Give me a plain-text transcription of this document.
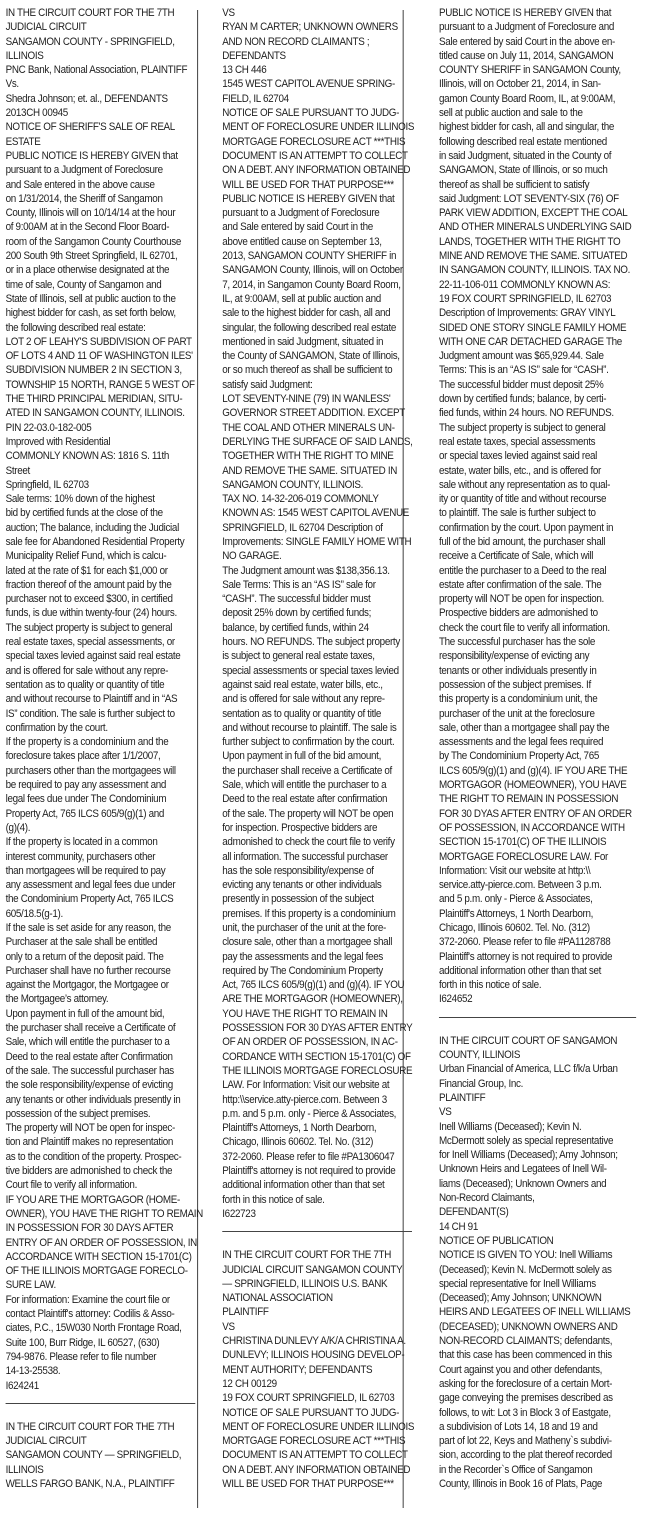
IN THE CIRCUIT COURT FOR THE 7TH
JUDICIAL CIRCUIT
SANGAMON COUNTY - SPRINGFIELD,
ILLINOIS
PNC Bank, National Association, PLAINTIFF
Vs.
Shedra Johnson; et. al., DEFENDANTS
2013CH 00945
NOTICE OF SHERIFF'S SALE OF REAL
ESTATE
PUBLIC NOTICE IS HEREBY GIVEN that
pursuant to a Judgment of Foreclosure
and Sale entered in the above cause
on 1/31/2014, the Sheriff of Sangamon
County, Illinois will on 10/14/14 at the hour
of 9:00AM at in the Second Floor Board-
room of the Sangamon County Courthouse
200 South 9th Street Springfield, IL 62701,
or in a place otherwise designated at the
time of sale, County of Sangamon and
State of Illinois, sell at public auction to the
highest bidder for cash, as set forth below,
the following described real estate:
LOT 2 OF LEAHY'S SUBDIVISION OF PART
OF LOTS 4 AND 11 OF WASHINGTON ILES'
SUBDIVISION NUMBER 2 IN SECTION 3,
TOWNSHIP 15 NORTH, RANGE 5 WEST OF
THE THIRD PRINCIPAL MERIDIAN, SITU-
ATED IN SANGAMON COUNTY, ILLINOIS.
PIN 22-03.0-182-005
Improved with Residential
COMMONLY KNOWN AS: 1816 S. 11th
Street
Springfield, IL 62703
Sale terms: 10% down of the highest
bid by certified funds at the close of the
auction; The balance, including the Judicial
sale fee for Abandoned Residential Property
Municipality Relief Fund, which is calcu-
lated at the rate of $1 for each $1,000 or
fraction thereof of the amount paid by the
purchaser not to exceed $300, in certified
funds, is due within twenty-four (24) hours.
The subject property is subject to general
real estate taxes, special assessments, or
special taxes levied against said real estate
and is offered for sale without any repre-
sentation as to quality or quantity of title
and without recourse to Plaintiff and in “AS
IS” condition. The sale is further subject to
confirmation by the court.
If the property is a condominium and the
foreclosure takes place after 1/1/2007,
purchasers other than the mortgagees will
be required to pay any assessment and
legal fees due under The Condominium
Property Act, 765 ILCS 605/9(g)(1) and
(g)(4).
If the property is located in a common
interest community, purchasers other
than mortgagees will be required to pay
any assessment and legal fees due under
the Condominium Property Act, 765 ILCS
605/18.5(g-1).
If the sale is set aside for any reason, the
Purchaser at the sale shall be entitled
only to a return of the deposit paid. The
Purchaser shall have no further recourse
against the Mortgagor, the Mortgagee or
the Mortgagee’s attorney.
Upon payment in full of the amount bid,
the purchaser shall receive a Certificate of
Sale, which will entitle the purchaser to a
Deed to the real estate after Confirmation
of the sale. The successful purchaser has
the sole responsibility/expense of evicting
any tenants or other individuals presently in
possession of the subject premises.
The property will NOT be open for inspec-
tion and Plaintiff makes no representation
as to the condition of the property. Prospec-
tive bidders are admonished to check the
Court file to verify all information.
IF YOU ARE THE MORTGAGOR (HOME-
OWNER), YOU HAVE THE RIGHT TO REMAIN
IN POSSESSION FOR 30 DAYS AFTER
ENTRY OF AN ORDER OF POSSESSION, IN
ACCORDANCE WITH SECTION 15-1701(C)
OF THE ILLINOIS MORTGAGE FORECLO-
SURE LAW.
For information: Examine the court file or
contact Plaintiff's attorney: Codilis & Asso-
ciates, P.C., 15W030 North Frontage Road,
Suite 100, Burr Ridge, IL 60527, (630)
794-9876. Please refer to file number
14-13-25538.
I624241
IN THE CIRCUIT COURT FOR THE 7TH
JUDICIAL CIRCUIT
SANGAMON COUNTY — SPRINGFIELD,
ILLINOIS
WELLS FARGO BANK, N.A., PLAINTIFF
VS
RYAN M CARTER; UNKNOWN OWNERS
AND NON RECORD CLAIMANTS ;
DEFENDANTS
13 CH 446
1545 WEST CAPITOL AVENUE SPRING-
FIELD, IL 62704
NOTICE OF SALE PURSUANT TO JUDG-
MENT OF FORECLOSURE UNDER ILLINOIS
MORTGAGE FORECLOSURE ACT ***THIS
DOCUMENT IS AN ATTEMPT TO COLLECT
ON A DEBT. ANY INFORMATION OBTAINED
WILL BE USED FOR THAT PURPOSE***
PUBLIC NOTICE IS HEREBY GIVEN that
pursuant to a Judgment of Foreclosure
and Sale entered by said Court in the
above entitled cause on September 13,
2013, SANGAMON COUNTY SHERIFF in
SANGAMON County, Illinois, will on October
7, 2014, in Sangamon County Board Room,
IL, at 9:00AM, sell at public auction and
sale to the highest bidder for cash, all and
singular, the following described real estate
mentioned in said Judgment, situated in
the County of SANGAMON, State of Illinois,
or so much thereof as shall be sufficient to
satisfy said Judgment:
LOT SEVENTY-NINE (79) IN WANLESS'
GOVERNOR STREET ADDITION. EXCEPT
THE COAL AND OTHER MINERALS UN-
DERLYING THE SURFACE OF SAID LANDS,
TOGETHER WITH THE RIGHT TO MINE
AND REMOVE THE SAME. SITUATED IN
SANGAMON COUNTY, ILLINOIS.
TAX NO. 14-32-206-019 COMMONLY
KNOWN AS: 1545 WEST CAPITOL AVENUE
SPRINGFIELD, IL 62704 Description of
Improvements: SINGLE FAMILY HOME WITH
NO GARAGE.
The Judgment amount was $138,356.13.
Sale Terms: This is an “AS IS” sale for
“CASH”. The successful bidder must
deposit 25% down by certified funds;
balance, by certified funds, within 24
hours. NO REFUNDS. The subject property
is subject to general real estate taxes,
special assessments or special taxes levied
against said real estate, water bills, etc.,
and is offered for sale without any repre-
sentation as to quality or quantity of title
and without recourse to plaintiff. The sale is
further subject to confirmation by the court.
Upon payment in full of the bid amount,
the purchaser shall receive a Certificate of
Sale, which will entitle the purchaser to a
Deed to the real estate after confirmation
of the sale. The property will NOT be open
for inspection. Prospective bidders are
admonished to check the court file to verify
all information. The successful purchaser
has the sole responsibility/expense of
evicting any tenants or other individuals
presently in possession of the subject
premises. If this property is a condominium
unit, the purchaser of the unit at the fore-
closure sale, other than a mortgagee shall
pay the assessments and the legal fees
required by The Condominium Property
Act, 765 ILCS 605/9(g)(1) and (g)(4). IF YOU
ARE THE MORTGAGOR (HOMEOWNER),
YOU HAVE THE RIGHT TO REMAIN IN
POSSESSION FOR 30 DYAS AFTER ENTRY
OF AN ORDER OF POSSESSION, IN AC-
CORDANCE WITH SECTION 15-1701(C) OF
THE ILLINOIS MORTGAGE FORECLOSURE
LAW. For Information: Visit our website at
http:\\service.atty-pierce.com. Between 3
p.m. and 5 p.m. only - Pierce & Associates,
Plaintiff's Attorneys, 1 North Dearborn,
Chicago, Illinois 60602. Tel. No. (312)
372-2060. Please refer to file #PA1306047
Plaintiff's attorney is not required to provide
additional information other than that set
forth in this notice of sale.
I622723
IN THE CIRCUIT COURT FOR THE 7TH
JUDICIAL CIRCUIT SANGAMON COUNTY
— SPRINGFIELD, ILLINOIS U.S. BANK
NATIONAL ASSOCIATION
PLAINTIFF
VS
CHRISTINA DUNLEVY A/K/A CHRISTINA A.
DUNLEVY; ILLINOIS HOUSING DEVELOP-
MENT AUTHORITY; DEFENDANTS
12 CH 00129
19 FOX COURT SPRINGFIELD, IL 62703
NOTICE OF SALE PURSUANT TO JUDG-
MENT OF FORECLOSURE UNDER ILLINOIS
MORTGAGE FORECLOSURE ACT ***THIS
DOCUMENT IS AN ATTEMPT TO COLLECT
ON A DEBT. ANY INFORMATION OBTAINED
WILL BE USED FOR THAT PURPOSE***
PUBLIC NOTICE IS HEREBY GIVEN that
pursuant to a Judgment of Foreclosure and
Sale entered by said Court in the above en-
titled cause on July 11, 2014, SANGAMON
COUNTY SHERIFF in SANGAMON County,
Illinois, will on October 21, 2014, in San-
gamon County Board Room, IL, at 9:00AM,
sell at public auction and sale to the
highest bidder for cash, all and singular, the
following described real estate mentioned
in said Judgment, situated in the County of
SANGAMON, State of Illinois, or so much
thereof as shall be sufficient to satisfy
said Judgment: LOT SEVENTY-SIX (76) OF
PARK VIEW ADDITION, EXCEPT THE COAL
AND OTHER MINERALS UNDERLYING SAID
LANDS, TOGETHER WITH THE RIGHT TO
MINE AND REMOVE THE SAME. SITUATED
IN SANGAMON COUNTY, ILLINOIS. TAX NO.
22-11-106-011 COMMONLY KNOWN AS:
19 FOX COURT SPRINGFIELD, IL 62703
Description of Improvements: GRAY VINYL
SIDED ONE STORY SINGLE FAMILY HOME
WITH ONE CAR DETACHED GARAGE The
Judgment amount was $65,929.44. Sale
Terms: This is an “AS IS” sale for “CASH”.
The successful bidder must deposit 25%
down by certified funds; balance, by certi-
fied funds, within 24 hours. NO REFUNDS.
The subject property is subject to general
real estate taxes, special assessments
or special taxes levied against said real
estate, water bills, etc., and is offered for
sale without any representation as to qual-
ity or quantity of title and without recourse
to plaintiff. The sale is further subject to
confirmation by the court. Upon payment in
full of the bid amount, the purchaser shall
receive a Certificate of Sale, which will
entitle the purchaser to a Deed to the real
estate after confirmation of the sale. The
property will NOT be open for inspection.
Prospective bidders are admonished to
check the court file to verify all information.
The successful purchaser has the sole
responsibility/expense of evicting any
tenants or other individuals presently in
possession of the subject premises. If
this property is a condominium unit, the
purchaser of the unit at the foreclosure
sale, other than a mortgagee shall pay the
assessments and the legal fees required
by The Condominium Property Act, 765
ILCS 605/9(g)(1) and (g)(4). IF YOU ARE THE
MORTGAGOR (HOMEOWNER), YOU HAVE
THE RIGHT TO REMAIN IN POSSESSION
FOR 30 DYAS AFTER ENTRY OF AN ORDER
OF POSSESSION, IN ACCORDANCE WITH
SECTION 15-1701(C) OF THE ILLINOIS
MORTGAGE FORECLOSURE LAW. For
Information: Visit our website at http:\\
service.atty-pierce.com. Between 3 p.m.
and 5 p.m. only - Pierce & Associates,
Plaintiff's Attorneys, 1 North Dearborn,
Chicago, Illinois 60602. Tel. No. (312)
372-2060. Please refer to file #PA1128788
Plaintiff's attorney is not required to provide
additional information other than that set
forth in this notice of sale.
I624652
IN THE CIRCUIT COURT OF SANGAMON
COUNTY, ILLINOIS
Urban Financial of America, LLC f/k/a Urban
Financial Group, Inc.
PLAINTIFF
VS
Inell Williams (Deceased); Kevin N.
McDermott solely as special representative
for Inell Williams (Deceased); Amy Johnson;
Unknown Heirs and Legatees of Inell Wil-
liams (Deceased); Unknown Owners and
Non-Record Claimants,
DEFENDANT(S)
14 CH 91
NOTICE OF PUBLICATION
NOTICE IS GIVEN TO YOU: Inell Williams
(Deceased); Kevin N. McDermott solely as
special representative for Inell Williams
(Deceased); Amy Johnson; UNKNOWN
HEIRS AND LEGATEES OF INELL WILLIAMS
(DECEASED); UNKNOWN OWNERS AND
NON-RECORD CLAIMANTS; defendants,
that this case has been commenced in this
Court against you and other defendants,
asking for the foreclosure of a certain Mort-
gage conveying the premises described as
follows, to wit: Lot 3 in Block 3 of Eastgate,
a subdivision of Lots 14, 18 and 19 and
part of lot 22, Keys and Matheny`s subdivi-
sion, according to the plat thereof recorded
in the Recorder`s Office of Sangamon
County, Illinois in Book 16 of Plats, Page
